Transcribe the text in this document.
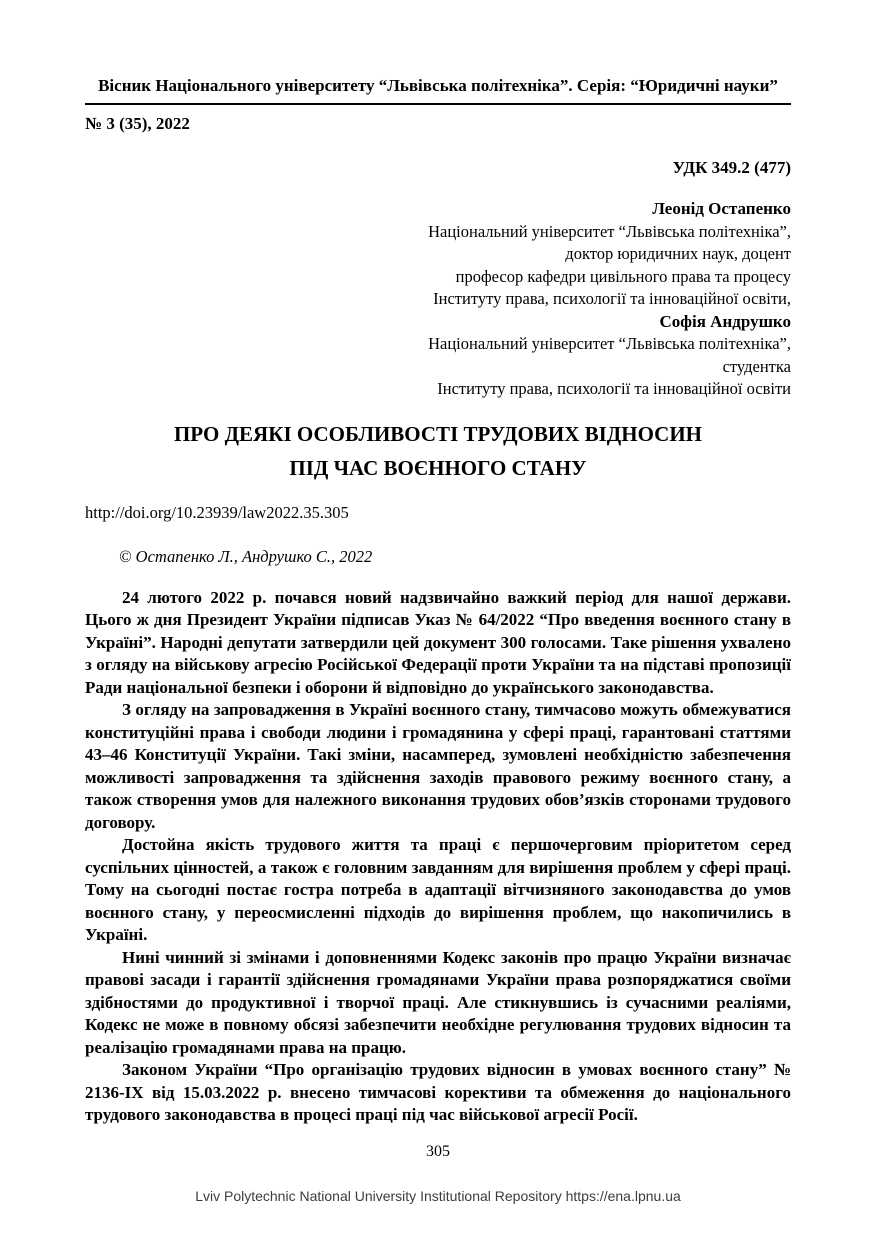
Вісник Національного університету “Львівська політехніка”. Серія: “Юридичні науки”
№ 3 (35), 2022
УДК 349.2 (477)
Леонід Остапенко
Національний університет “Львівська політехніка”,
доктор юридичних наук, доцент
професор кафедри цивільного права та процесу
Інституту права, психології та інноваційної освіти,
Софія Андрушко
Національний університет “Львівська політехніка”,
студентка
Інституту права, психології та інноваційної освіти
ПРО ДЕЯКІ ОСОБЛИВОСТІ ТРУДОВИХ ВІДНОСИН
ПІД ЧАС ВОЄННОГО СТАНУ
http://doi.org/10.23939/law2022.35.305
© Остапенко Л., Андрушко С., 2022

24 лютого 2022 р. почався новий надзвичайно важкий період для нашої держави. Цього ж дня Президент України підписав Указ № 64/2022 “Про введення воєнного стану в Україні”. Народні депутати затвердили цей документ 300 голосами. Таке рішення ухвалено з огляду на військову агресію Російської Федерації проти України та на підставі пропозиції Ради національної безпеки і оборони й відповідно до українського законодавства.

З огляду на запровадження в Україні воєнного стану, тимчасово можуть обмежуватися конституційні права і свободи людини і громадянина у сфері праці, гарантовані статтями 43–46 Конституції України. Такі зміни, насамперед, зумовлені необхідністю забезпечення можливості запровадження та здійснення заходів правового режиму воєнного стану, а також створення умов для належного виконання трудових обов’язків сторонами трудового договору.

Достойна якість трудового життя та праці є першочерговим пріоритетом серед суспільних цінностей, а також є головним завданням для вирішення проблем у сфері праці. Тому на сьогодні постає гостра потреба в адаптації вітчизняного законодавства до умов воєнного стану, у переосмисленні підходів до вирішення проблем, що накопичились в Україні.

Нині чинний зі змінами і доповненнями Кодекс законів про працю України визначає правові засади і гарантії здійснення громадянами України права розпоряджатися своїми здібностями до продуктивної і творчої праці. Але стикнувшись із сучасними реаліями, Кодекс не може в повному обсязі забезпечити необхідне регулювання трудових відносин та реалізацію громадянами права на працю.

Законом України “Про організацію трудових відносин в умовах воєнного стану” № 2136-IX від 15.03.2022 р. внесено тимчасові корективи та обмеження до національного трудового законодавства в процесі праці під час військової агресії Росії.

305
Lviv Polytechnic National University Institutional Repository https://ena.lpnu.ua
